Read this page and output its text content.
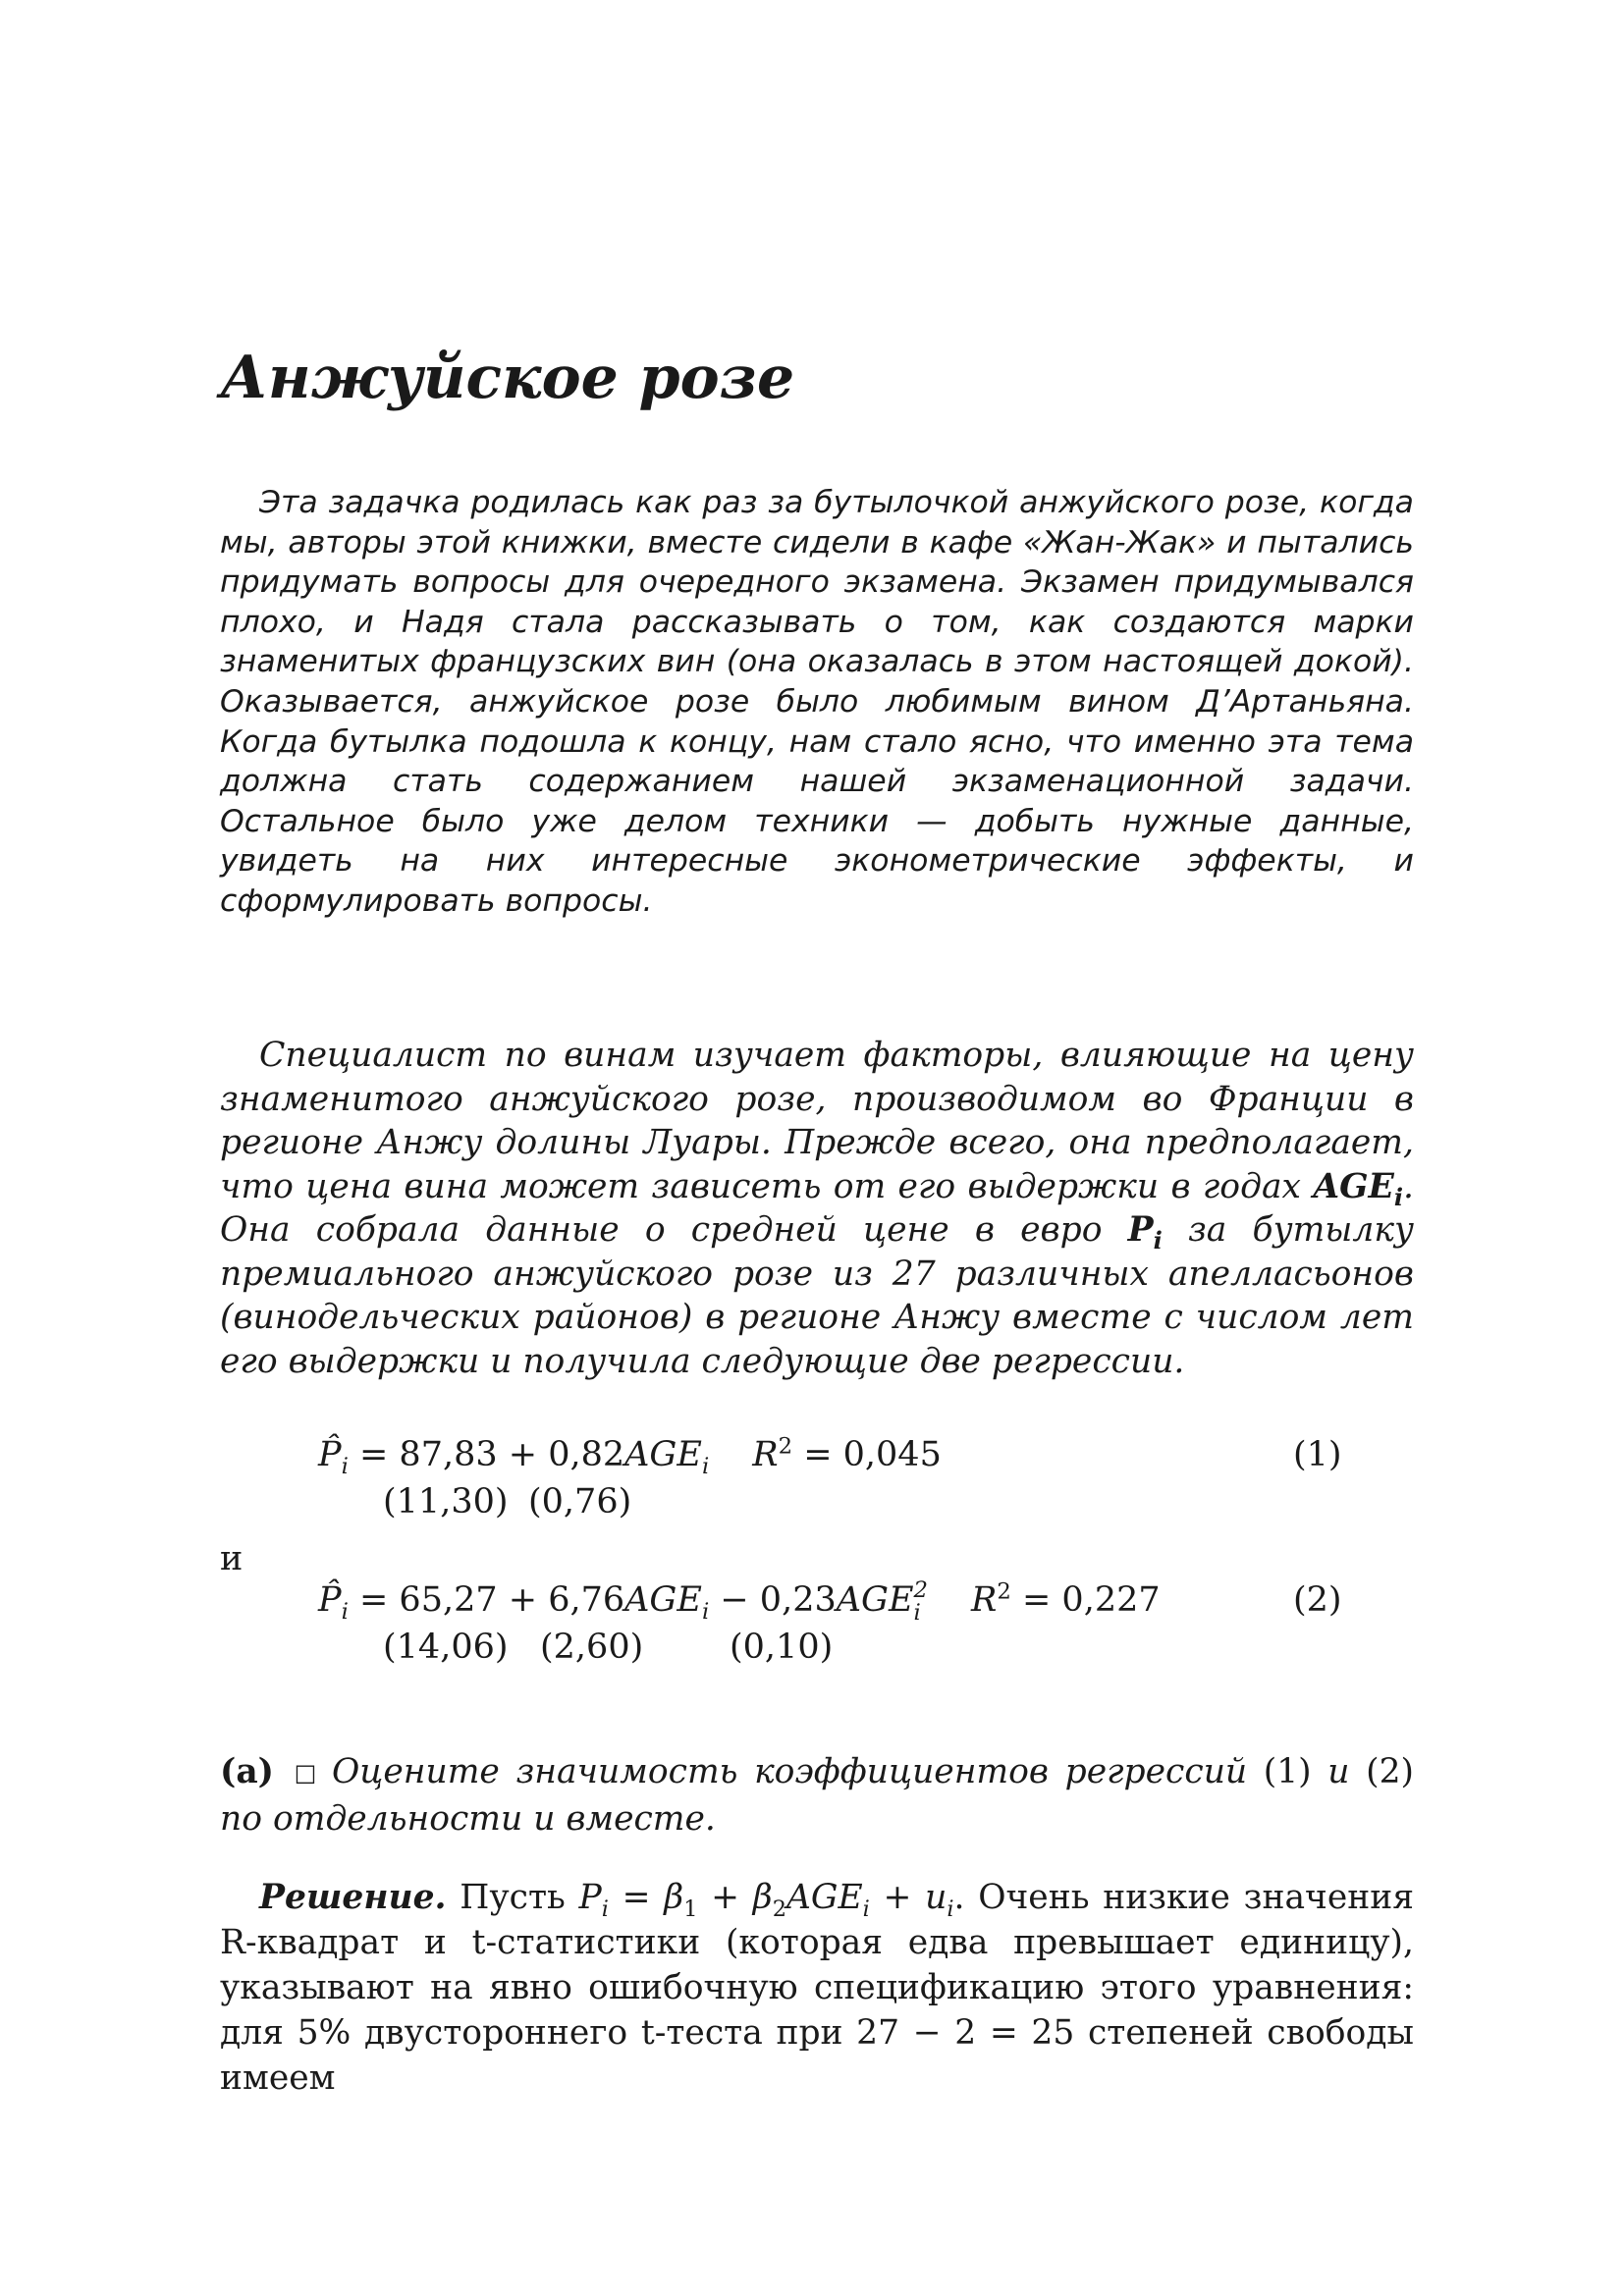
Анжуйское розе

Эта задачка родилась как раз за бутылочкой анжуйского розе, когда мы, авторы этой книжки, вместе сидели в кафе «Жан-Жак» и пытались придумать вопросы для очередного экзамена. Экзамен придумывался плохо, и Надя стала рассказывать о том, как создаются марки знаменитых французских вин (она оказалась в этом настоящей докой). Оказывается, анжуйское розе было любимым вином Д’Артаньяна. Когда бутылка подошла к концу, нам стало ясно, что именно эта тема должна стать содержанием нашей экзаменационной задачи. Остальное было уже делом техники — добыть нужные данные, увидеть на них интересные эконометрические эффекты, и сформулировать вопросы.

Специалист по винам изучает факторы, влияющие на цену знаменитого анжуйского розе, производимом во Франции в регионе Анжу долины Луары. Прежде всего, она предполагает, что цена вина может зависеть от его выдержки в годах $AGE_i$. Она собрала данные о средней цене в евро $P_i$ за бутылку премиального анжуйского розе из 27 различных апелласьонов (винодельческих районов) в регионе Анжу вместе с числом лет его выдержки и получила следующие две регрессии.

$P̂_i = 87,83 + 0,82AGE_i$ $R^2 = 0,045$	(1)
(11,30) (0,76)
и
$P̂_i = 65,27 + 6,76AGE_i - 0,23AGE$ 2
i $R^2 = 0,227$	(2)
(14,06) (2,60)	(0,10)

(a) □ Оцените значимость коэффициентов регрессий (1) и (2) по отдельности и вместе.

Решение. Пусть $P_i = \beta_1 + \beta_2AGE_i + u_i$. Очень низкие значения R-квадрат и t-статистики (которая едва превышает единицу), указывают на явно ошибочную спецификацию этого уравнения: для 5% двустороннего t-теста при 27 − 2 = 25 степеней свободы имеем
